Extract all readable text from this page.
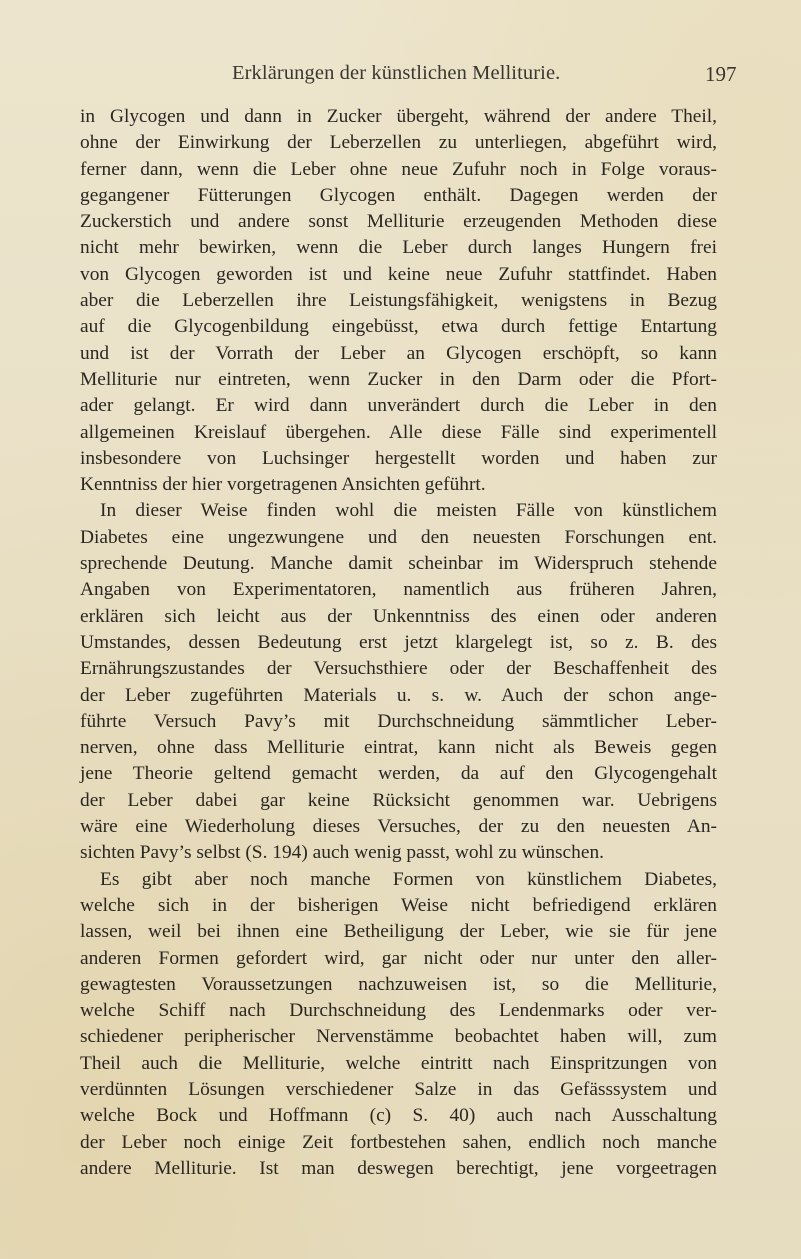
Erklärungen der künstlichen Melliturie.	197
in Glycogen und dann in Zucker übergeht, während der andere Theil,
ohne der Einwirkung der Leberzellen zu unterliegen, abgeführt wird,
ferner dann, wenn die Leber ohne neue Zufuhr noch in Folge voraus-
gegangener Fütterungen Glycogen enthält. Dagegen werden der
Zuckerstich und andere sonst Melliturie erzeugenden Methoden diese
nicht mehr bewirken, wenn die Leber durch langes Hungern frei
von Glycogen geworden ist und keine neue Zufuhr stattfindet. Haben
aber die Leberzellen ihre Leistungsfähigkeit, wenigstens in Bezug
auf die Glycogenbildung eingebüsst, etwa durch fettige Entartung
und ist der Vorrath der Leber an Glycogen erschöpft, so kann
Melliturie nur eintreten, wenn Zucker in den Darm oder die Pfort-
ader gelangt. Er wird dann unverändert durch die Leber in den
allgemeinen Kreislauf übergehen. Alle diese Fälle sind experimentell
insbesondere von Luchsinger hergestellt worden und haben zur
Kenntniss der hier vorgetragenen Ansichten geführt.
In dieser Weise finden wohl die meisten Fälle von künstlichem
Diabetes eine ungezwungene und den neuesten Forschungen ent.
sprechende Deutung. Manche damit scheinbar im Widerspruch stehende
Angaben von Experimentatoren, namentlich aus früheren Jahren,
erklären sich leicht aus der Unkenntniss des einen oder anderen
Umstandes, dessen Bedeutung erst jetzt klargelegt ist, so z. B. des
Ernährungszustandes der Versuchsthiere oder der Beschaffenheit des
der Leber zugeführten Materials u. s. w. Auch der schon ange-
führte Versuch Pavy’s mit Durchschneidung sämmtlicher Leber-
nerven, ohne dass Melliturie eintrat, kann nicht als Beweis gegen
jene Theorie geltend gemacht werden, da auf den Glycogengehalt
der Leber dabei gar keine Rücksicht genommen war. Uebrigens
wäre eine Wiederholung dieses Versuches, der zu den neuesten An-
sichten Pavy’s selbst (S. 194) auch wenig passt, wohl zu wünschen.
Es gibt aber noch manche Formen von künstlichem Diabetes,
welche sich in der bisherigen Weise nicht befriedigend erklären
lassen, weil bei ihnen eine Betheiligung der Leber, wie sie für jene
anderen Formen gefordert wird, gar nicht oder nur unter den aller-
gewagtesten Voraussetzungen nachzuweisen ist, so die Melliturie,
welche Schiff nach Durchschneidung des Lendenmarks oder ver-
schiedener peripherischer Nervenstämme beobachtet haben will, zum
Theil auch die Melliturie, welche eintritt nach Einspritzungen von
verdünnten Lösungen verschiedener Salze in das Gefässsystem und
welche Bock und Hoffmann (c) S. 40) auch nach Ausschaltung
der Leber noch einige Zeit fortbestehen sahen, endlich noch manche
andere Melliturie. Ist man deswegen berechtigt, jene vorgeetragen
